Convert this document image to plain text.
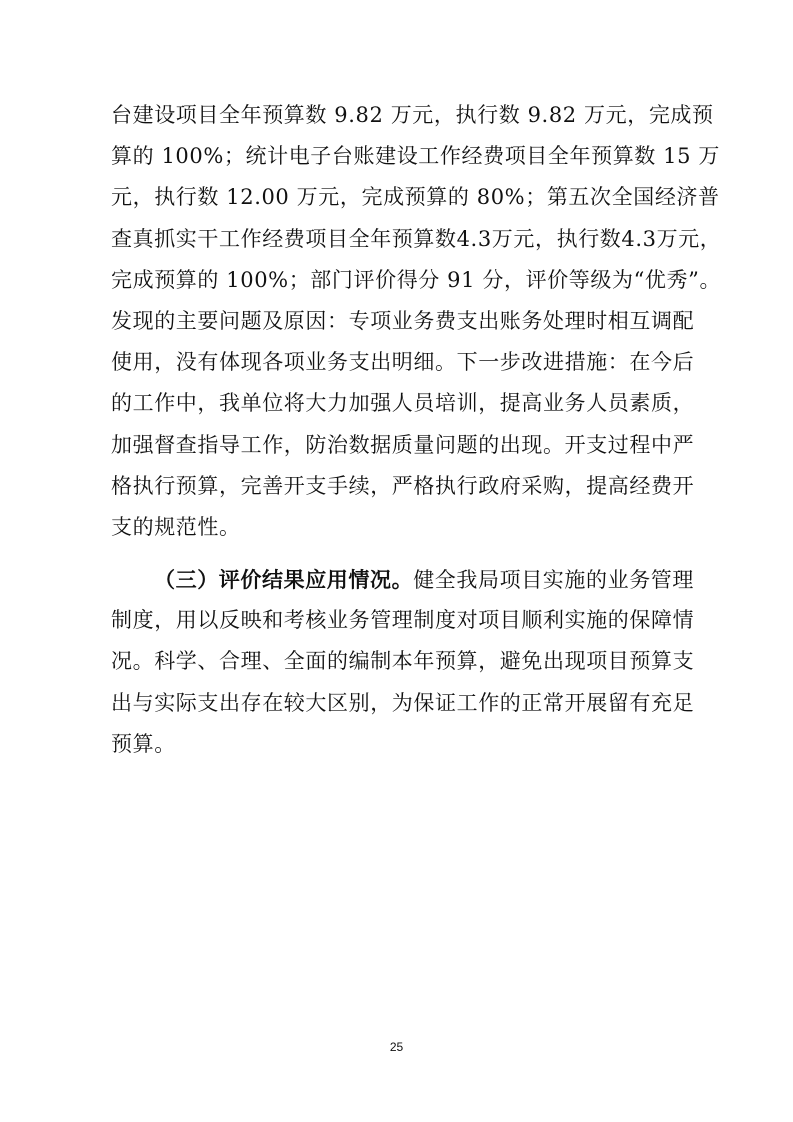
台建设项目全年预算数 9.82 万元，执行数 9.82 万元，完成预
算的 100%；统计电子台账建设工作经费项目全年预算数 15 万
元，执行数 12.00 万元，完成预算的 80%；第五次全国经济普
查真抓实干工作经费项目全年预算数4.3万元，执行数4.3万元，
完成预算的 100%；部门评价得分 91 分，评价等级为“优秀”。
发现的主要问题及原因：专项业务费支出账务处理时相互调配
使用，没有体现各项业务支出明细。下一步改进措施：在今后
的工作中，我单位将大力加强人员培训，提高业务人员素质，
加强督查指导工作，防治数据质量问题的出现。开支过程中严
格执行预算，完善开支手续，严格执行政府采购，提高经费开
支的规范性。
（三）评价结果应用情况。健全我局项目实施的业务管理
制度，用以反映和考核业务管理制度对项目顺利实施的保障情
况。科学、合理、全面的编制本年预算，避免出现项目预算支
出与实际支出存在较大区别，为保证工作的正常开展留有充足
预算。
25
